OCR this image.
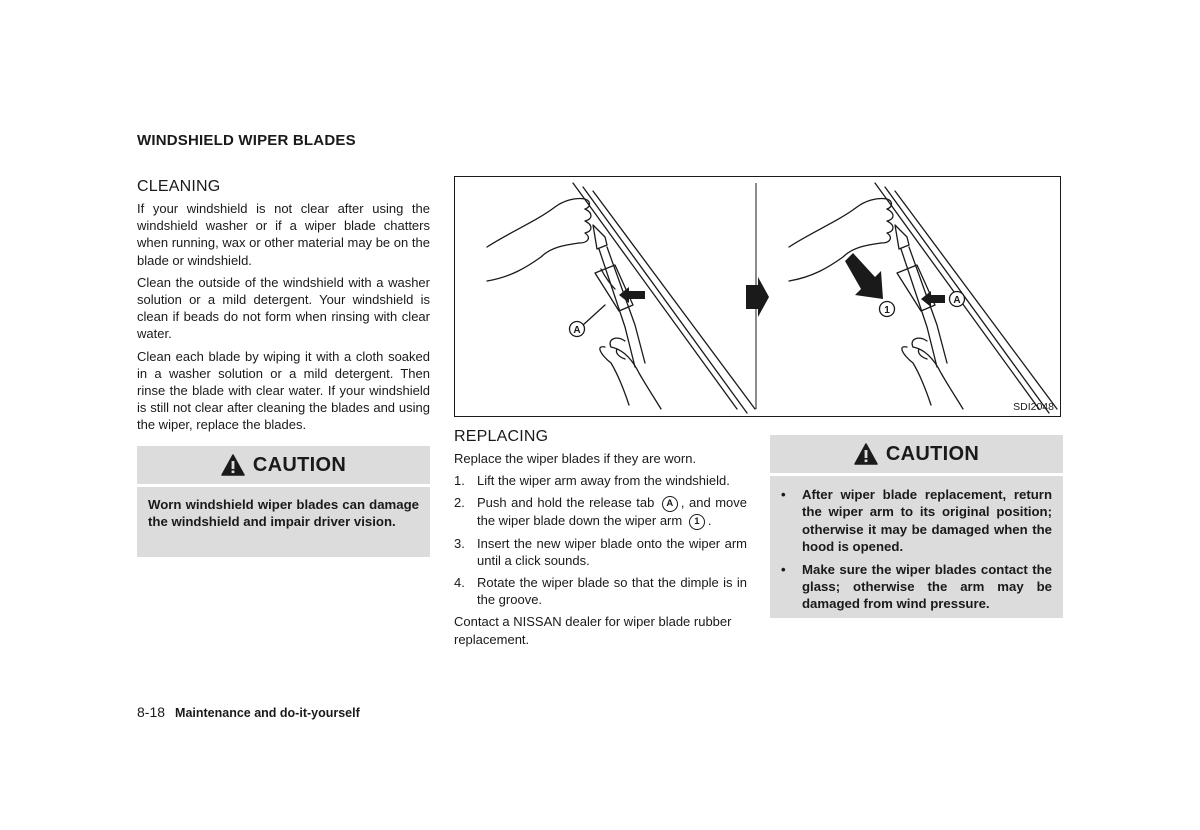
WINDSHIELD WIPER BLADES
CLEANING

If your windshield is not clear after using the windshield washer or if a wiper blade chatters when running, wax or other material may be on the blade or windshield.

Clean the outside of the windshield with a washer solution or a mild detergent. Your windshield is clean if beads do not form when rinsing with clear water.

Clean each blade by wiping it with a cloth soaked in a washer solution or a mild detergent. Then rinse the blade with clear water. If your windshield is still not clear after cleaning the blades and using the wiper, replace the blades.

CAUTION
Worn windshield wiper blades can damage the windshield and impair driver vision.
A
1
A
SDI2048
REPLACING

Replace the wiper blades if they are worn.

1. Lift the wiper arm away from the windshield.
2. Push and hold the release tab A , and move the wiper blade down the wiper arm 1 .
3. Insert the new wiper blade onto the wiper arm until a click sounds.
4. Rotate the wiper blade so that the dimple is in the groove.

Contact a NISSAN dealer for wiper blade rubber replacement.

CAUTION
•	After wiper blade replacement, return the wiper arm to its original position; otherwise it may be damaged when the hood is opened.
•	Make sure the wiper blades contact the glass; otherwise the arm may be damaged from wind pressure.
8-18 Maintenance and do-it-yourself
